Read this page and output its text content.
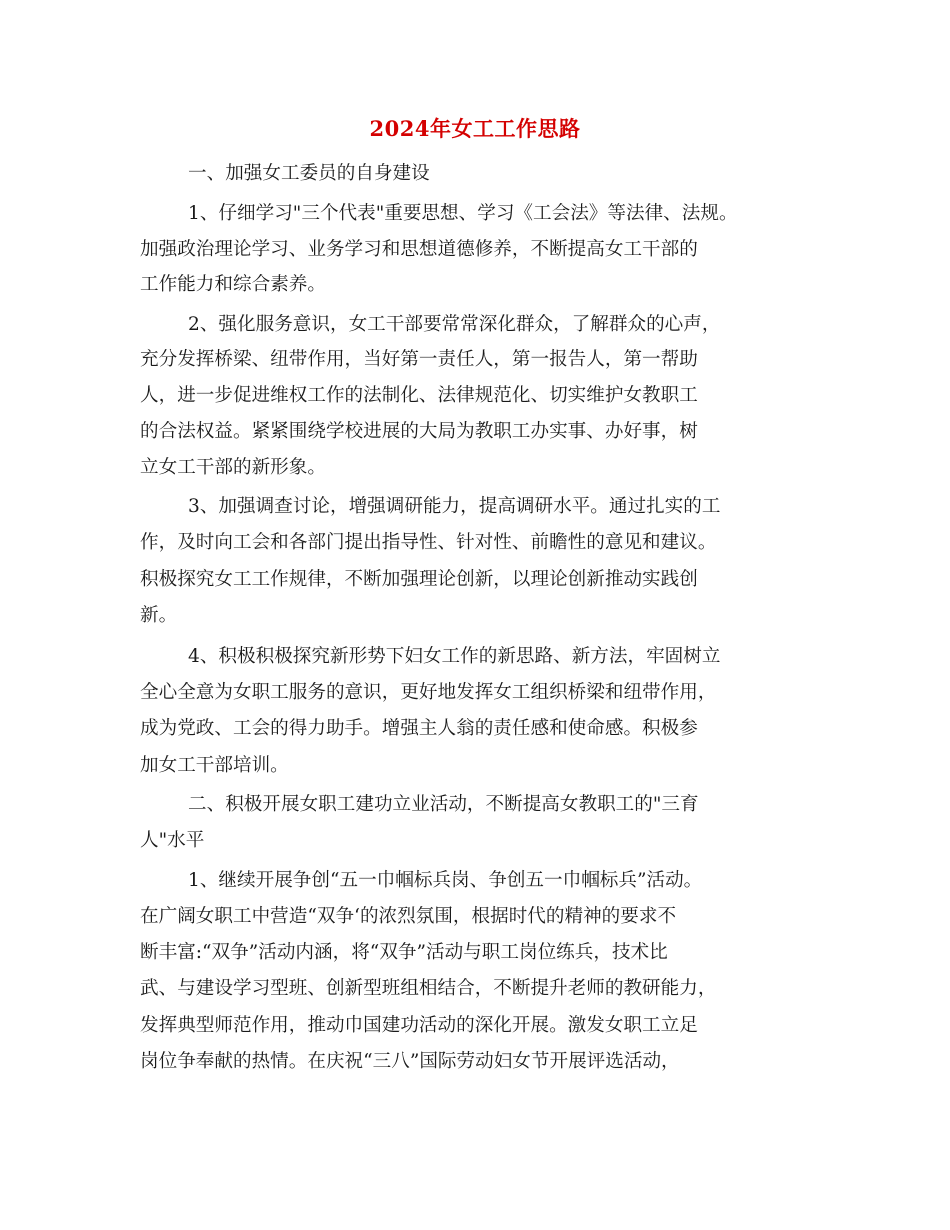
2024年女工工作思路
一、加强女工委员的自身建设
1、仔细学习"三个代表"重要思想、学习《工会法》等法律、法规。
加强政治理论学习、业务学习和思想道德修养，不断提高女工干部的
工作能力和综合素养。
2、强化服务意识，女工干部要常常深化群众，了解群众的心声，
充分发挥桥梁、纽带作用，当好第一责任人，第一报告人，第一帮助
人，进一步促进维权工作的法制化、法律规范化、切实维护女教职工
的合法权益。紧紧围绕学校进展的大局为教职工办实事、办好事，树
立女工干部的新形象。
3、加强调查讨论，增强调研能力，提高调研水平。通过扎实的工
作，及时向工会和各部门提出指导性、针对性、前瞻性的意见和建议。
积极探究女工工作规律，不断加强理论创新，以理论创新推动实践创
新。
4、积极积极探究新形势下妇女工作的新思路、新方法，牢固树立
全心全意为女职工服务的意识，更好地发挥女工组织桥梁和纽带作用，
成为党政、工会的得力助手。增强主人翁的责任感和使命感。积极参
加女工干部培训。
二、积极开展女职工建功立业活动，不断提高女教职工的"三育
人"水平
1、继续开展争创“五一巾帼标兵岗、争创五一巾帼标兵”活动。
在广阔女职工中营造“双争‘的浓烈氛围，根据时代的精神的要求不
断丰富:“双争”活动内涵，将“双争”活动与职工岗位练兵，技术比
武、与建设学习型班、创新型班组相结合，不断提升老师的教研能力，
发挥典型师范作用，推动巾国建功活动的深化开展。激发女职工立足
岗位争奉献的热情。在庆祝“三八”国际劳动妇女节开展评选活动，
